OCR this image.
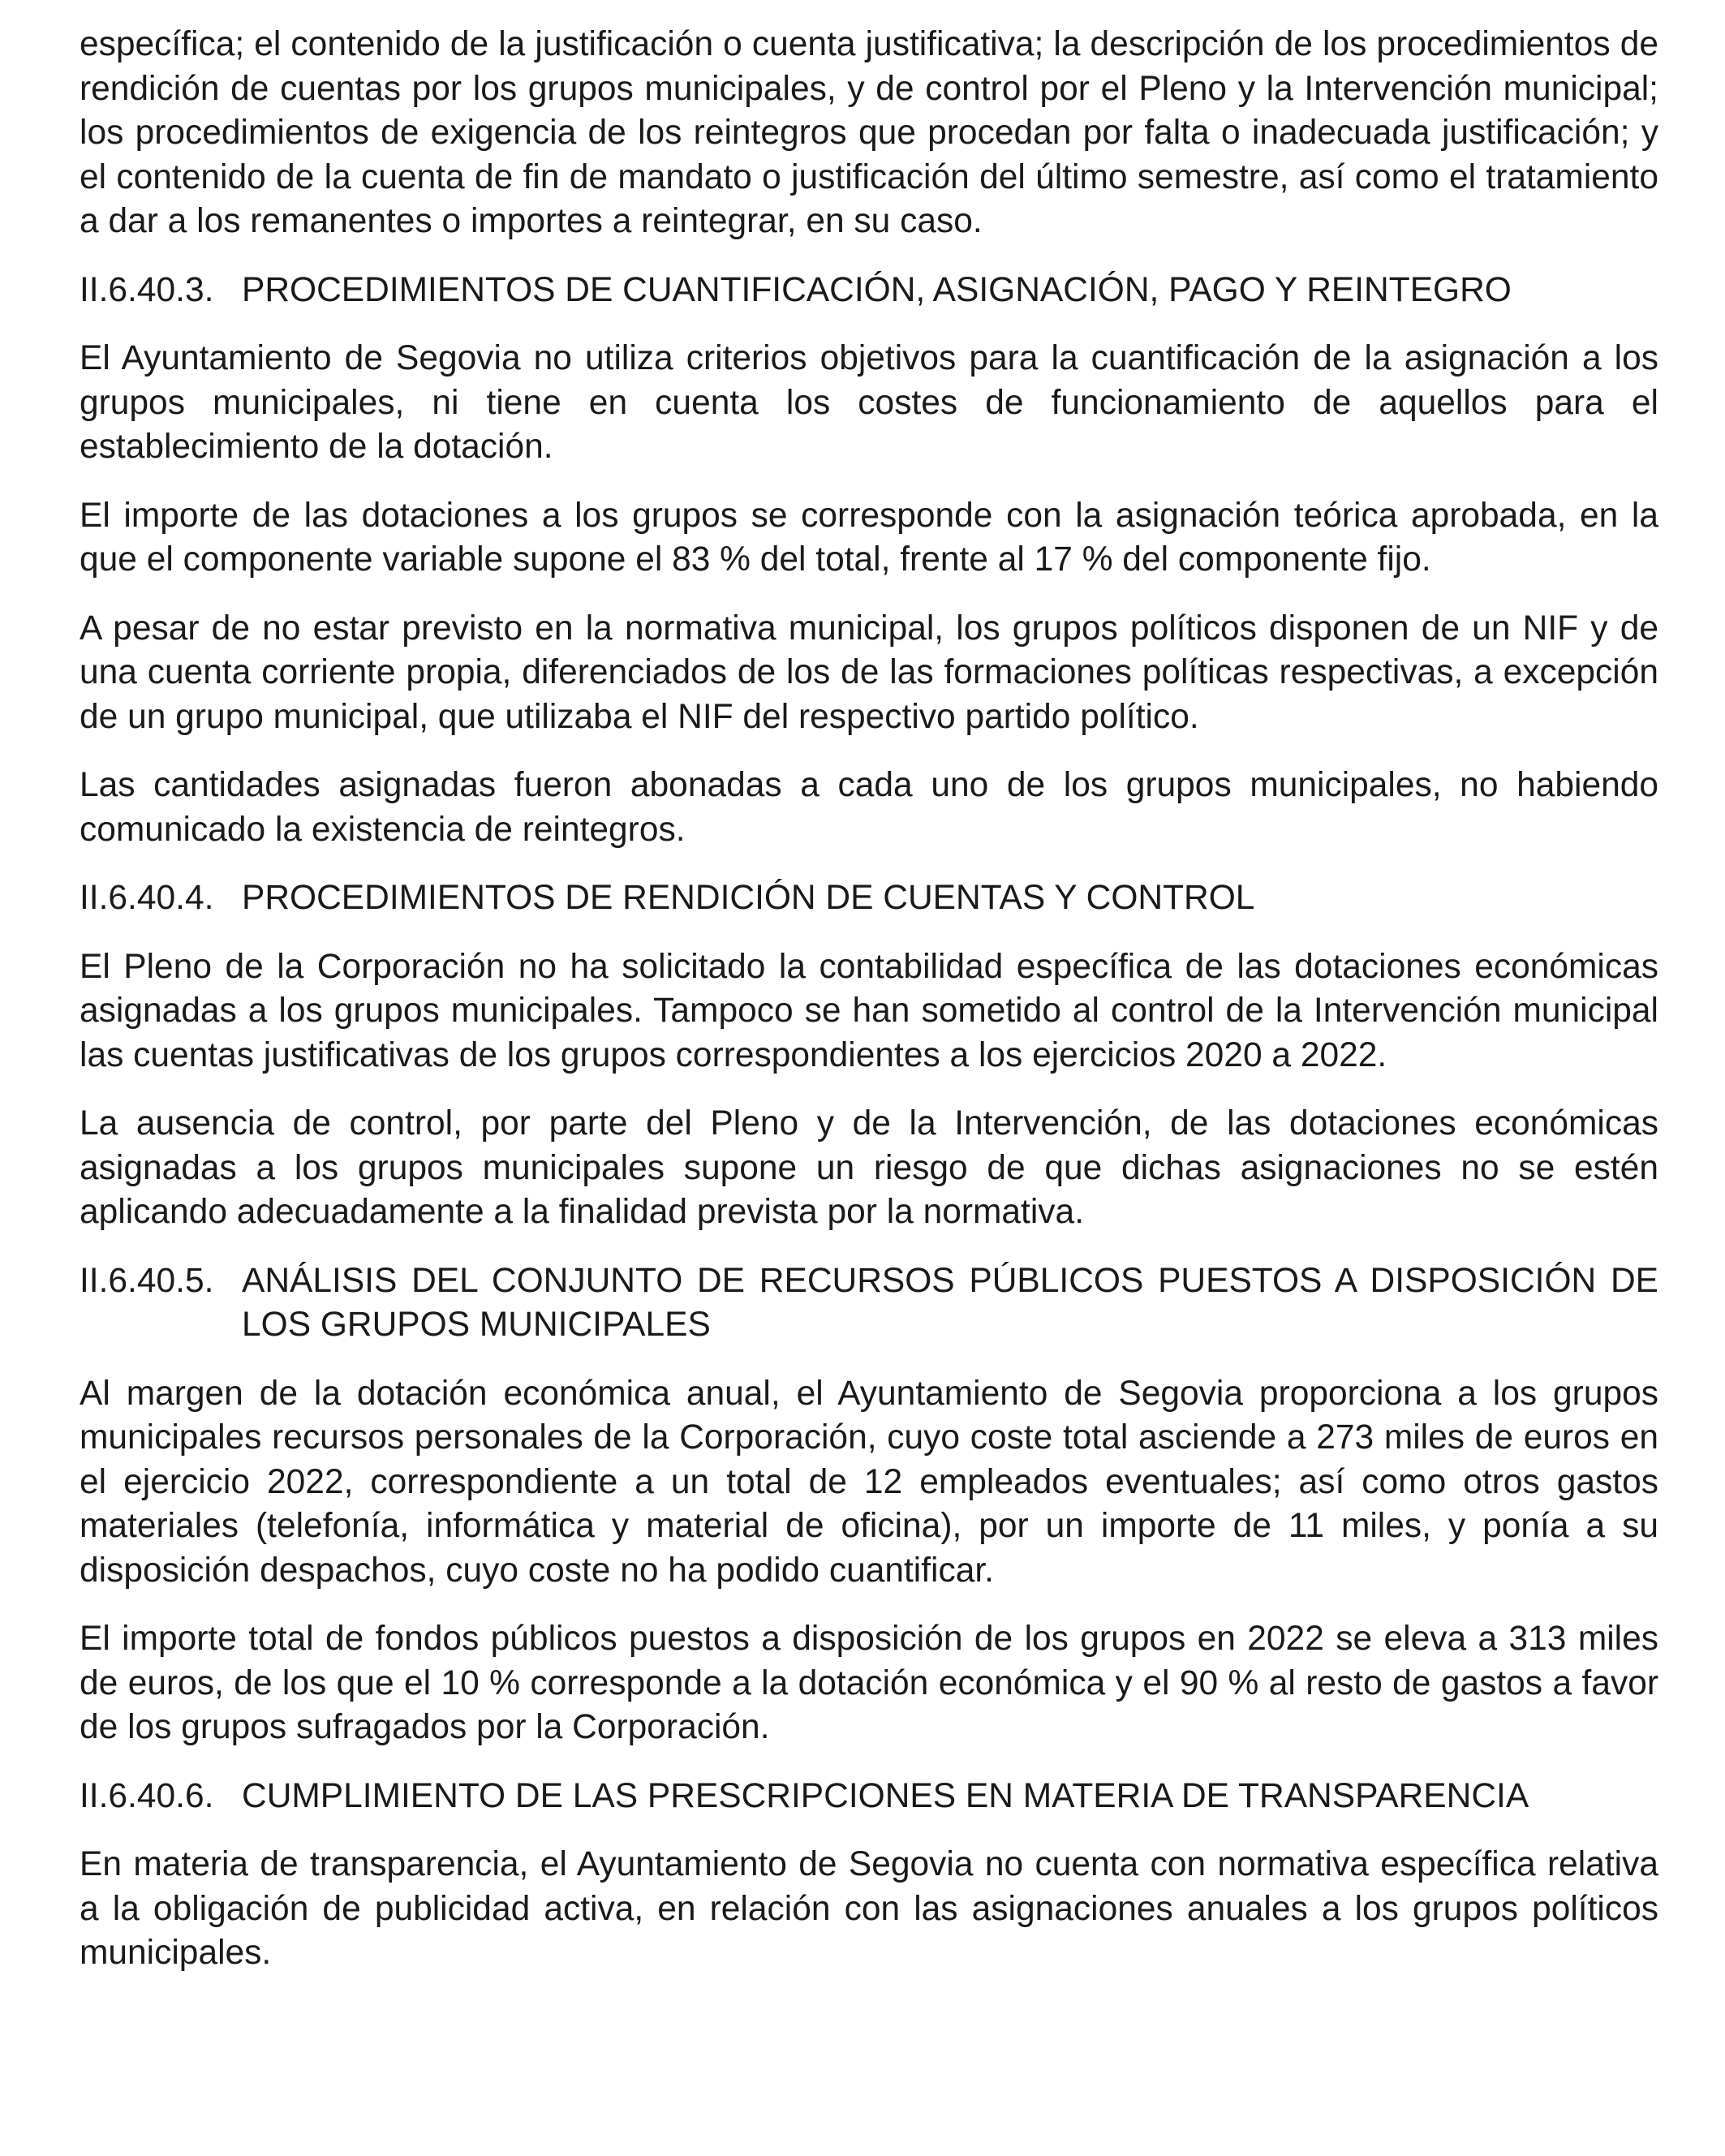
específica; el contenido de la justificación o cuenta justificativa; la descripción de los procedimientos de rendición de cuentas por los grupos municipales, y de control por el Pleno y la Intervención municipal; los procedimientos de exigencia de los reintegros que procedan por falta o inadecuada justificación; y el contenido de la cuenta de fin de mandato o justificación del último semestre, así como el tratamiento a dar a los remanentes o importes a reintegrar, en su caso.

II.6.40.3. PROCEDIMIENTOS DE CUANTIFICACIÓN, ASIGNACIÓN, PAGO Y REINTEGRO

El Ayuntamiento de Segovia no utiliza criterios objetivos para la cuantificación de la asignación a los grupos municipales, ni tiene en cuenta los costes de funcionamiento de aquellos para el establecimiento de la dotación.

El importe de las dotaciones a los grupos se corresponde con la asignación teórica aprobada, en la que el componente variable supone el 83 % del total, frente al 17 % del componente fijo.

A pesar de no estar previsto en la normativa municipal, los grupos políticos disponen de un NIF y de una cuenta corriente propia, diferenciados de los de las formaciones políticas respectivas, a excepción de un grupo municipal, que utilizaba el NIF del respectivo partido político.

Las cantidades asignadas fueron abonadas a cada uno de los grupos municipales, no habiendo comunicado la existencia de reintegros.

II.6.40.4. PROCEDIMIENTOS DE RENDICIÓN DE CUENTAS Y CONTROL

El Pleno de la Corporación no ha solicitado la contabilidad específica de las dotaciones económicas asignadas a los grupos municipales. Tampoco se han sometido al control de la Intervención municipal las cuentas justificativas de los grupos correspondientes a los ejercicios 2020 a 2022.

La ausencia de control, por parte del Pleno y de la Intervención, de las dotaciones económicas asignadas a los grupos municipales supone un riesgo de que dichas asignaciones no se estén aplicando adecuadamente a la finalidad prevista por la normativa.

II.6.40.5. ANÁLISIS DEL CONJUNTO DE RECURSOS PÚBLICOS PUESTOS A DISPOSICIÓN DE LOS GRUPOS MUNICIPALES

Al margen de la dotación económica anual, el Ayuntamiento de Segovia proporciona a los grupos municipales recursos personales de la Corporación, cuyo coste total asciende a 273 miles de euros en el ejercicio 2022, correspondiente a un total de 12 empleados eventuales; así como otros gastos materiales (telefonía, informática y material de oficina), por un importe de 11 miles, y ponía a su disposición despachos, cuyo coste no ha podido cuantificar.

El importe total de fondos públicos puestos a disposición de los grupos en 2022 se eleva a 313 miles de euros, de los que el 10 % corresponde a la dotación económica y el 90 % al resto de gastos a favor de los grupos sufragados por la Corporación.

II.6.40.6. CUMPLIMIENTO DE LAS PRESCRIPCIONES EN MATERIA DE TRANSPARENCIA

En materia de transparencia, el Ayuntamiento de Segovia no cuenta con normativa específica relativa a la obligación de publicidad activa, en relación con las asignaciones anuales a los grupos políticos municipales.
